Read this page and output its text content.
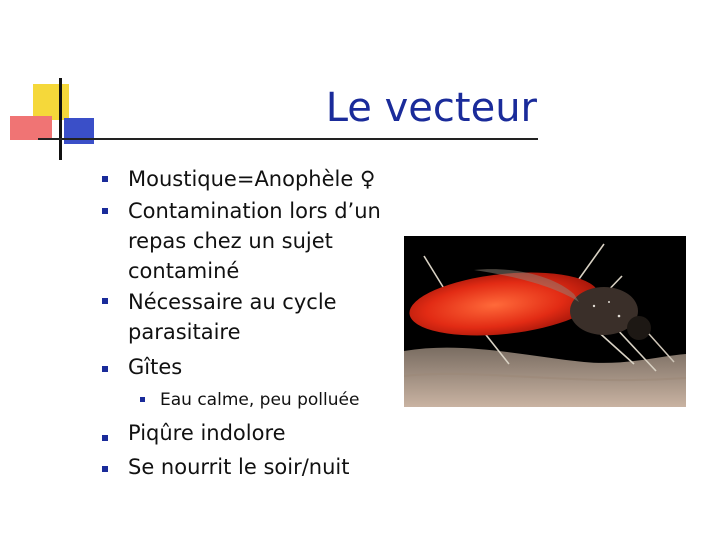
Le vecteur
Moustique=Anophèle ♀
Contamination lors d’un
repas chez un sujet
contaminé
Nécessaire au cycle
parasitaire
Gîtes
Eau calme, peu polluée
Piqûre indolore
Se nourrit le soir/nuit
